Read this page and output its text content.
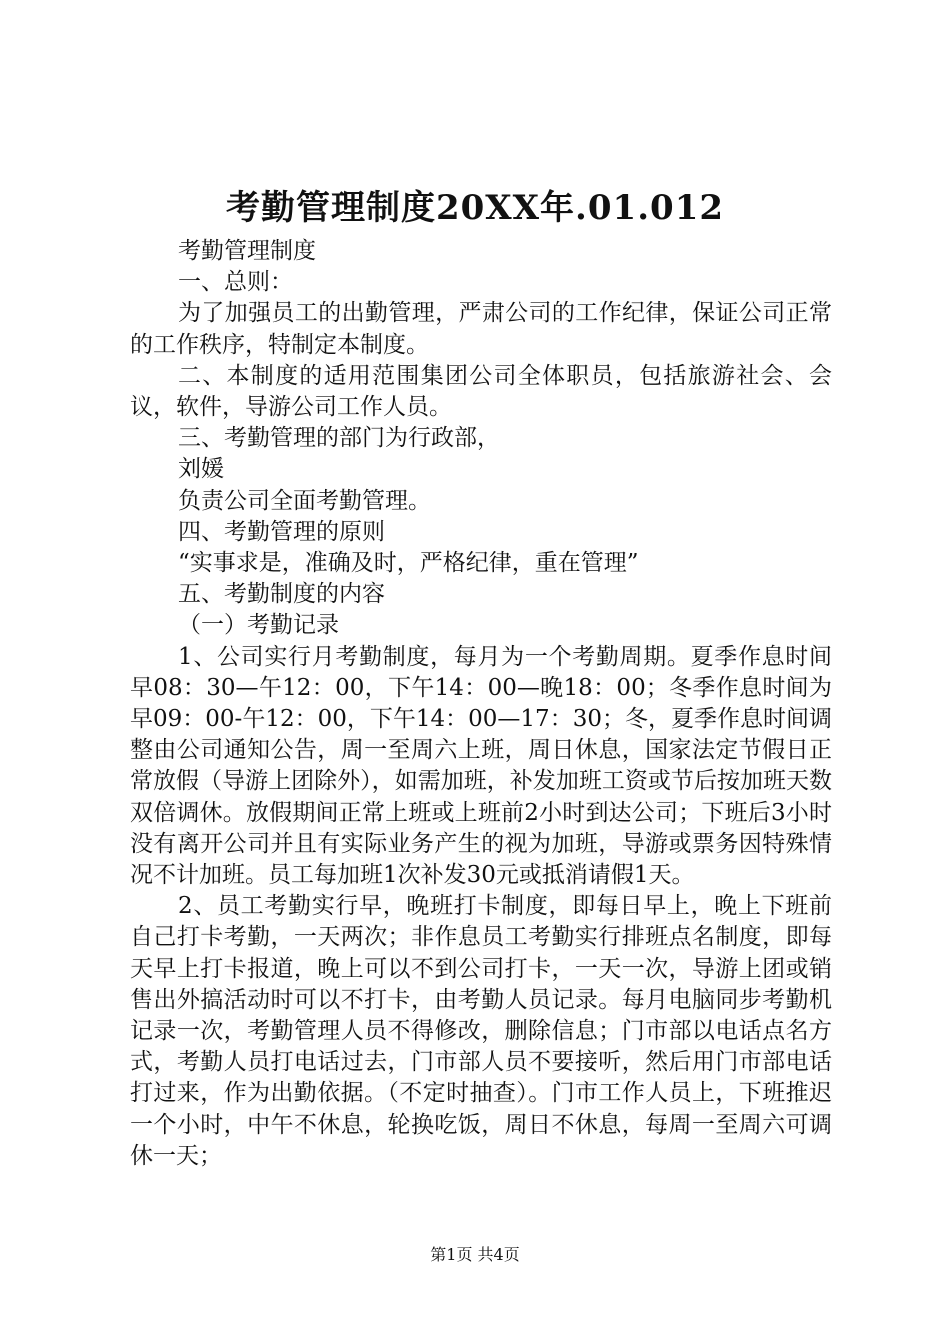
考勤管理制度20XX年.01.012

考勤管理制度

一、总则：

为了加强员工的出勤管理，严肃公司的工作纪律，保证公司正常的工作秩序，特制定本制度。

二、本制度的适用范围集团公司全体职员，包括旅游社会、会议，软件，导游公司工作人员。

三、考勤管理的部门为行政部，

刘媛

负责公司全面考勤管理。

四、考勤管理的原则

“实事求是，准确及时，严格纪律，重在管理”

五、考勤制度的内容

（一）考勤记录

1、公司实行月考勤制度，每月为一个考勤周期。夏季作息时间早08：30—午12：00，下午14：00—晚18：00；冬季作息时间为早09：00-午12：00，下午14：00—17：30；冬，夏季作息时间调整由公司通知公告，周一至周六上班，周日休息，国家法定节假日正常放假（导游上团除外），如需加班，补发加班工资或节后按加班天数双倍调休。放假期间正常上班或上班前2小时到达公司；下班后3小时没有离开公司并且有实际业务产生的视为加班，导游或票务因特殊情况不计加班。员工每加班1次补发30元或抵消请假1天。

2、员工考勤实行早，晚班打卡制度，即每日早上，晚上下班前自己打卡考勤，一天两次；非作息员工考勤实行排班点名制度，即每天早上打卡报道，晚上可以不到公司打卡，一天一次，导游上团或销售出外搞活动时可以不打卡，由考勤人员记录。每月电脑同步考勤机记录一次，考勤管理人员不得修改，删除信息；门市部以电话点名方式，考勤人员打电话过去，门市部人员不要接听，然后用门市部电话打过来，作为出勤依据。（不定时抽查）。门市工作人员上，下班推迟一个小时，中午不休息，轮换吃饭，周日不休息，每周一至周六可调休一天；

第1页 共4页
